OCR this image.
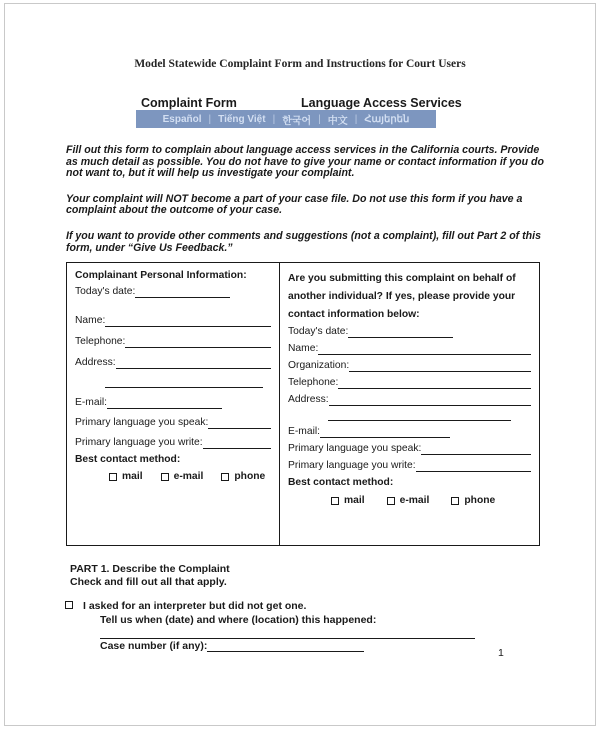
Model Statewide Complaint Form and Instructions for Court Users
Complaint Form	Language Access Services
Español | Tiếng Việt | 한국어 | 中文 | Հայերեն

Fill out this form to complain about language access services in the California courts. Provide as much detail as possible. You do not have to give your name or contact information if you do not want to, but it will help us investigate your complaint.

Your complaint will NOT become a part of your case file. Do not use this form if you have a complaint about the outcome of your case.

If you want to provide other comments and suggestions (not a complaint), fill out Part 2 of this form, under “Give Us Feedback.”

Complainant Personal Information:
Today's date:
Name:
Telephone:
Address:
E-mail:
Primary language you speak:
Primary language you write:
Best contact method:
mail	e-mail	phone
Are you submitting this complaint on behalf of another individual? If yes, please provide your contact information below:
Today's date:
Name:
Organization:
Telephone:
Address:
E-mail:
Primary language you speak:
Primary language you write:
Best contact method:
mail	e-mail	phone
PART 1. Describe the Complaint
Check and fill out all that apply.
I asked for an interpreter but did not get one.
Tell us when (date) and where (location) this happened:
Case number (if any):
1
